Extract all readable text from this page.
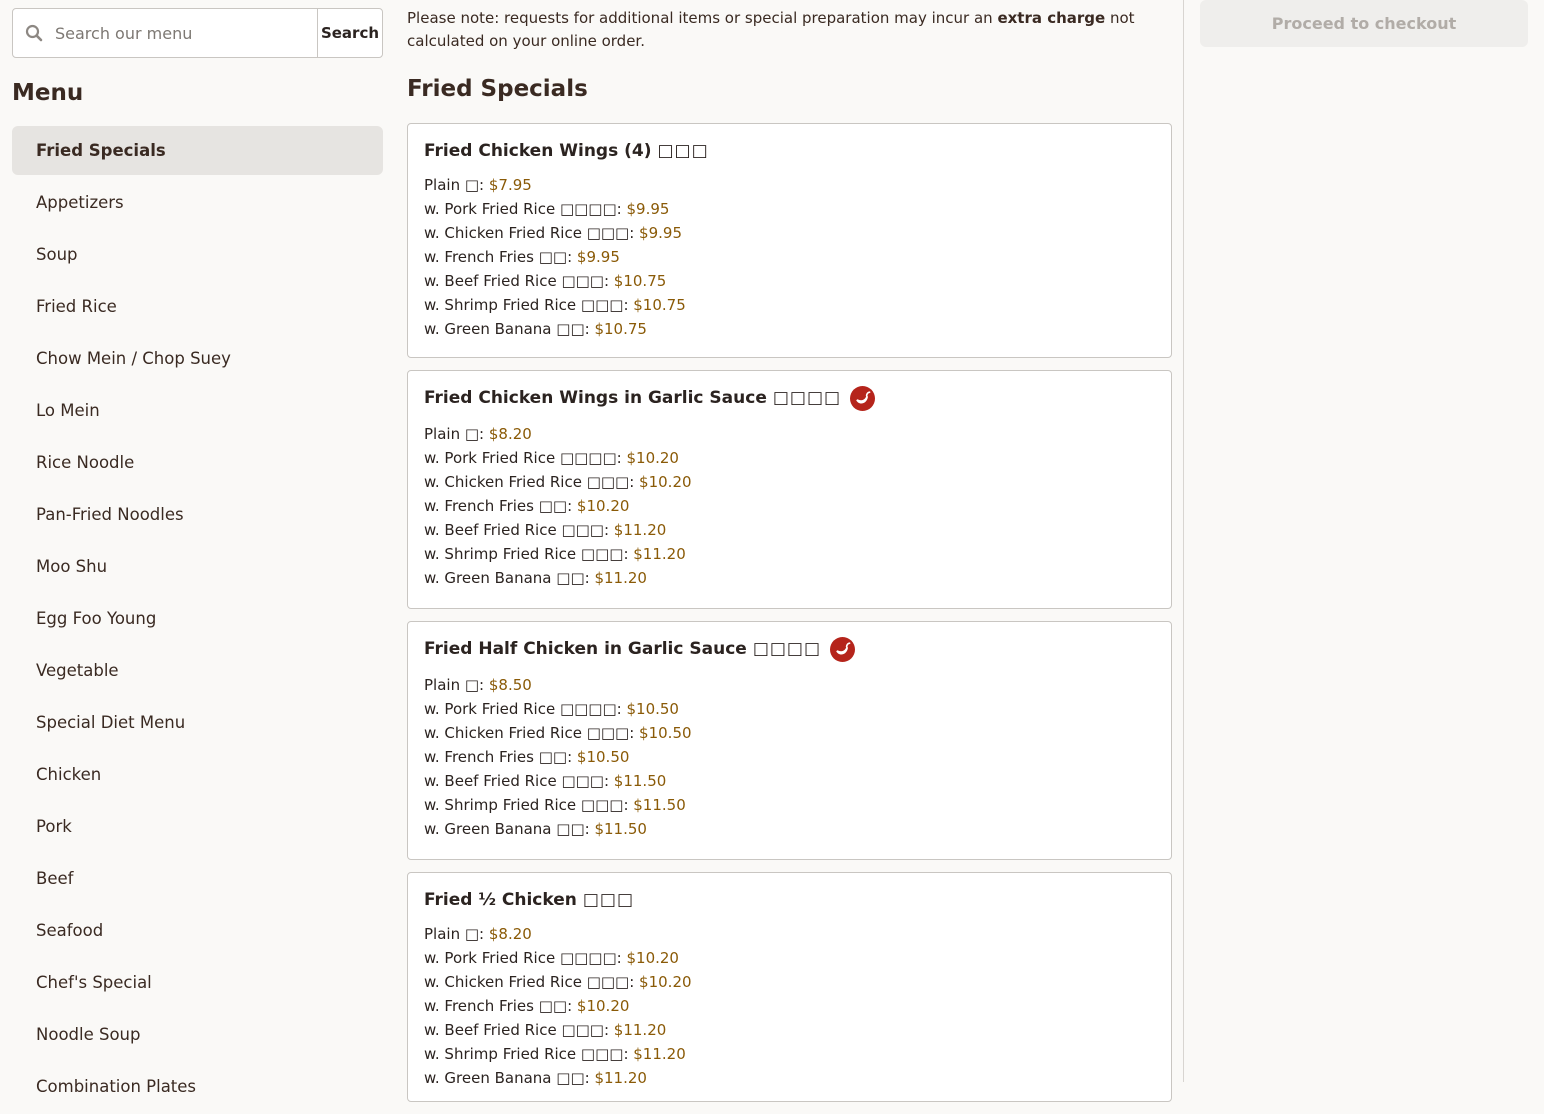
Search our menu
Search
Menu
Fried Specials
Appetizers
Soup
Fried Rice
Chow Mein / Chop Suey
Lo Mein
Rice Noodle
Pan-Fried Noodles
Moo Shu
Egg Foo Young
Vegetable
Special Diet Menu
Chicken
Pork
Beef
Seafood
Chef's Special
Noodle Soup
Combination Plates

Please note: requests for additional items or special preparation may incur an extra charge not calculated on your online order.

Fried Specials
Fried Chicken Wings (4) □□□
Plain □: $7.95
w. Pork Fried Rice □□□□: $9.95
w. Chicken Fried Rice □□□: $9.95
w. French Fries □□: $9.95
w. Beef Fried Rice □□□: $10.75
w. Shrimp Fried Rice □□□: $10.75
w. Green Banana □□: $10.75
Fried Chicken Wings in Garlic Sauce □□□□
Plain □: $8.20
w. Pork Fried Rice □□□□: $10.20
w. Chicken Fried Rice □□□: $10.20
w. French Fries □□: $10.20
w. Beef Fried Rice □□□: $11.20
w. Shrimp Fried Rice □□□: $11.20
w. Green Banana □□: $11.20
Fried Half Chicken in Garlic Sauce □□□□
Plain □: $8.50
w. Pork Fried Rice □□□□: $10.50
w. Chicken Fried Rice □□□: $10.50
w. French Fries □□: $10.50
w. Beef Fried Rice □□□: $11.50
w. Shrimp Fried Rice □□□: $11.50
w. Green Banana □□: $11.50
Fried ½ Chicken □□□
Plain □: $8.20
w. Pork Fried Rice □□□□: $10.20
w. Chicken Fried Rice □□□: $10.20
w. French Fries □□: $10.20
w. Beef Fried Rice □□□: $11.20
w. Shrimp Fried Rice □□□: $11.20
w. Green Banana □□: $11.20
Proceed to checkout
